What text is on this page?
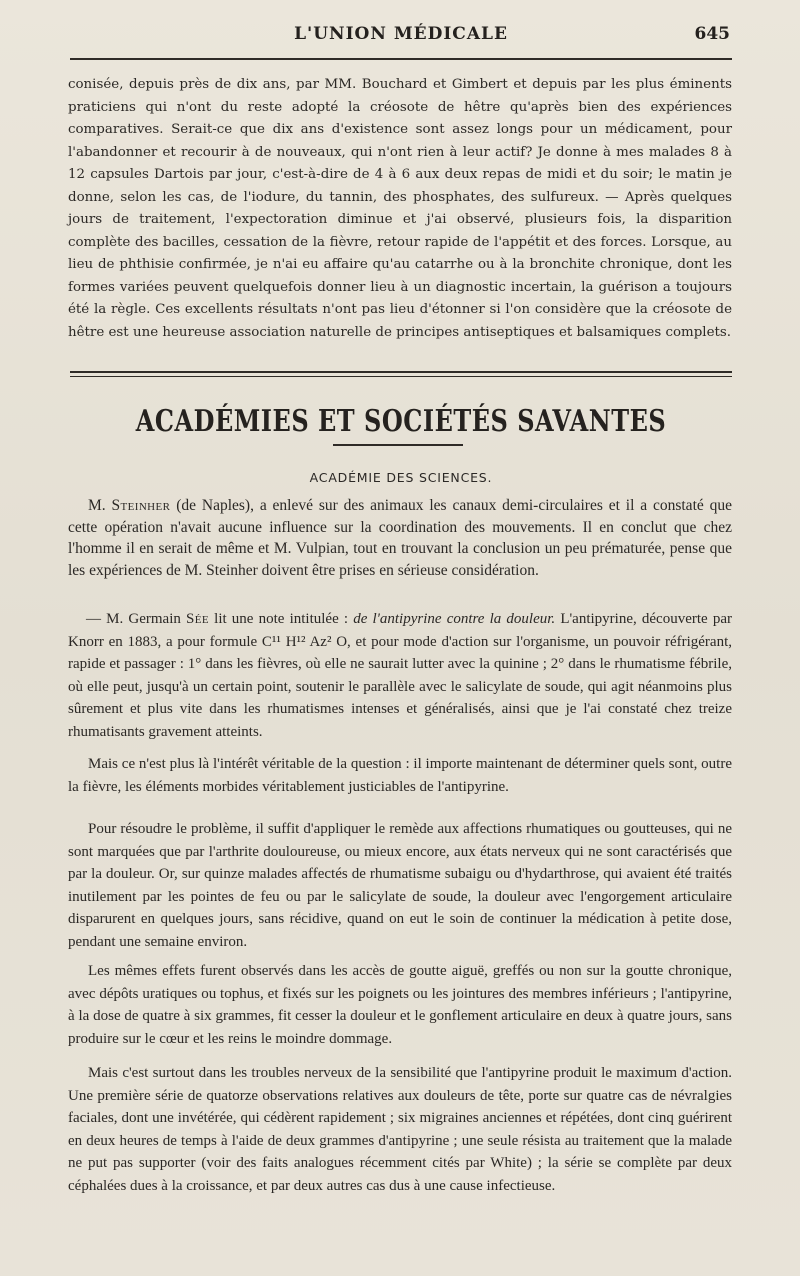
L'UNION MÉDICALE	645

conisée, depuis près de dix ans, par MM. Bouchard et Gimbert et depuis par les plus éminents praticiens qui n'ont du reste adopté la créosote de hêtre qu'après bien des expériences comparatives. Serait-ce que dix ans d'existence sont assez longs pour un médicament, pour l'abandonner et recourir à de nouveaux, qui n'ont rien à leur actif? Je donne à mes malades 8 à 12 capsules Dartois par jour, c'est-à-dire de 4 à 6 aux deux repas de midi et du soir; le matin je donne, selon les cas, de l'iodure, du tannin, des phosphates, des sulfureux. — Après quelques jours de traitement, l'expectoration diminue et j'ai observé, plusieurs fois, la disparition complète des bacilles, cessation de la fièvre, retour rapide de l'appétit et des forces. Lorsque, au lieu de phthisie confirmée, je n'ai eu affaire qu'au catarrhe ou à la bronchite chronique, dont les formes variées peuvent quelquefois donner lieu à un diagnostic incertain, la guérison a toujours été la règle. Ces excellents résultats n'ont pas lieu d'étonner si l'on considère que la créosote de hêtre est une heureuse association naturelle de principes antiseptiques et balsamiques complets.

ACADÉMIES ET SOCIÉTÉS SAVANTES
ACADÉMIE DES SCIENCES.

M. Steinher (de Naples), a enlevé sur des animaux les canaux demi-circulaires et il a constaté que cette opération n'avait aucune influence sur la coordination des mouvements. Il en conclut que chez l'homme il en serait de même et M. Vulpian, tout en trouvant la conclusion un peu prématurée, pense que les expériences de M. Steinher doivent être prises en sérieuse considération.

— M. Germain Sée lit une note intitulée : de l'antipyrine contre la douleur. L'antipyrine, découverte par Knorr en 1883, a pour formule C¹¹ H¹² Az² O, et pour mode d'action sur l'organisme, un pouvoir réfrigérant, rapide et passager : 1° dans les fièvres, où elle ne saurait lutter avec la quinine ; 2° dans le rhumatisme fébrile, où elle peut, jusqu'à un certain point, soutenir le parallèle avec le salicylate de soude, qui agit néanmoins plus sûrement et plus vite dans les rhumatismes intenses et généralisés, ainsi que je l'ai constaté chez treize rhumatisants gravement atteints.

Mais ce n'est plus là l'intérêt véritable de la question : il importe maintenant de déterminer quels sont, outre la fièvre, les éléments morbides véritablement justiciables de l'antipyrine.

Pour résoudre le problème, il suffit d'appliquer le remède aux affections rhumatiques ou goutteuses, qui ne sont marquées que par l'arthrite douloureuse, ou mieux encore, aux états nerveux qui ne sont caractérisés que par la douleur. Or, sur quinze malades affectés de rhumatisme subaigu ou d'hydarthrose, qui avaient été traités inutilement par les pointes de feu ou par le salicylate de soude, la douleur avec l'engorgement articulaire disparurent en quelques jours, sans récidive, quand on eut le soin de continuer la médication à petite dose, pendant une semaine environ.

Les mêmes effets furent observés dans les accès de goutte aiguë, greffés ou non sur la goutte chronique, avec dépôts uratiques ou tophus, et fixés sur les poignets ou les jointures des membres inférieurs ; l'antipyrine, à la dose de quatre à six grammes, fit cesser la douleur et le gonflement articulaire en deux à quatre jours, sans produire sur le cœur et les reins le moindre dommage.

Mais c'est surtout dans les troubles nerveux de la sensibilité que l'antipyrine produit le maximum d'action. Une première série de quatorze observations relatives aux douleurs de tête, porte sur quatre cas de névralgies faciales, dont une invétérée, qui cédèrent rapidement ; six migraines anciennes et répétées, dont cinq guérirent en deux heures de temps à l'aide de deux grammes d'antipyrine ; une seule résista au traitement que la malade ne put pas supporter (voir des faits analogues récemment cités par White) ; la série se complète par deux céphalées dues à la croissance, et par deux autres cas dus à une cause infectieuse.
